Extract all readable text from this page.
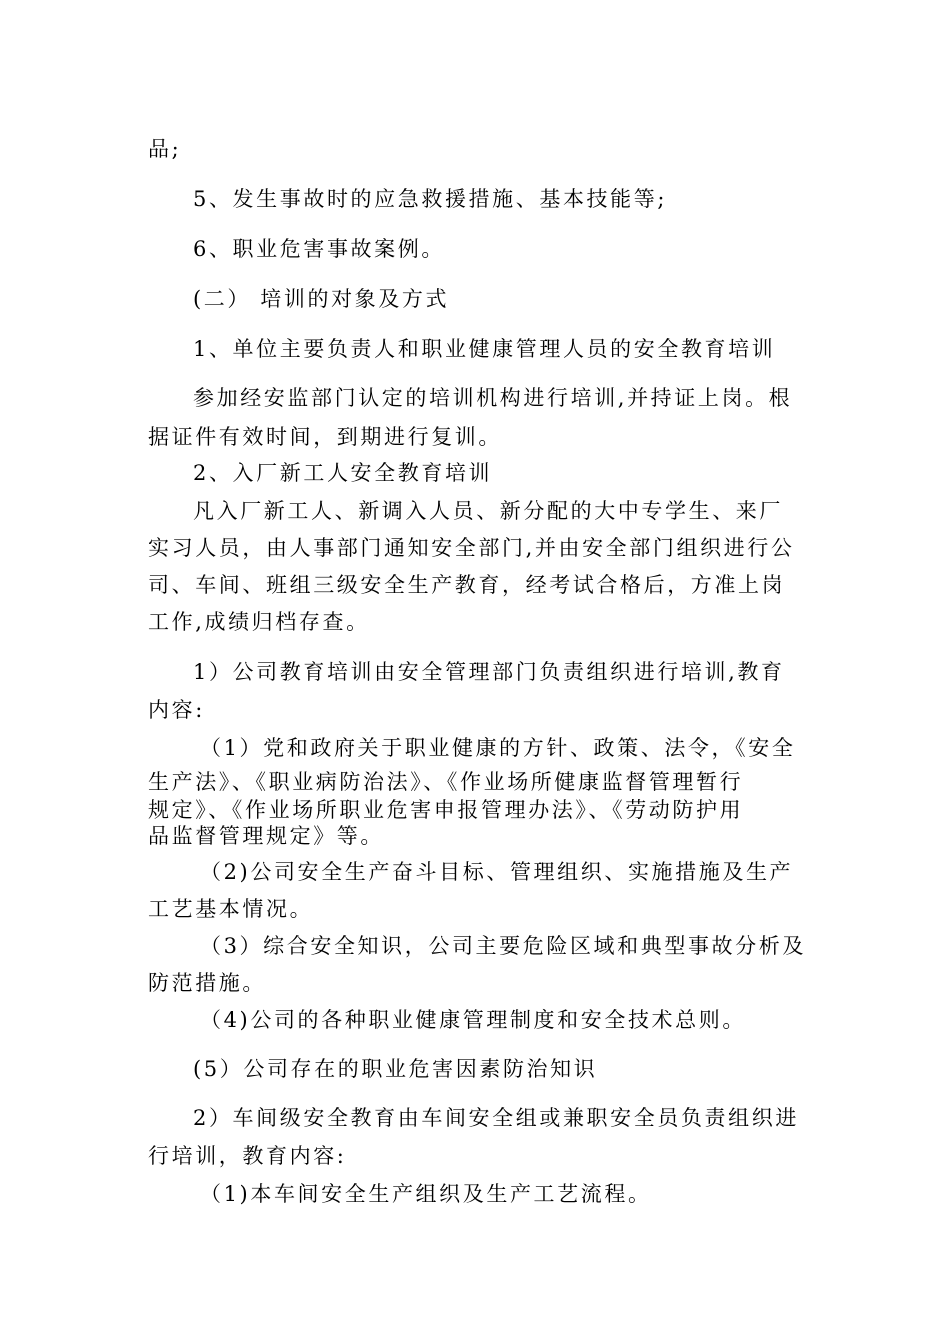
品;
5、发生事故时的应急救援措施、基本技能等;
6、职业危害事故案例。
(二） 培训的对象及方式
1、单位主要负责人和职业健康管理人员的安全教育培训
参加经安监部门认定的培训机构进行培训,并持证上岗。根
据证件有效时间，到期进行复训。
2、入厂新工人安全教育培训
凡入厂新工人、新调入人员、新分配的大中专学生、来厂
实习人员，由人事部门通知安全部门,并由安全部门组织进行公
司、车间、班组三级安全生产教育，经考试合格后，方准上岗
工作,成绩归档存查。
1）公司教育培训由安全管理部门负责组织进行培训,教育
内容:
（1）党和政府关于职业健康的方针、政策、法令，《安全
生产法》、《职业病防治法》、《作业场所健康监督管理暂行
规定》、《作业场所职业危害申报管理办法》、《劳动防护用
品监督管理规定》等。
（2)公司安全生产奋斗目标、管理组织、实施措施及生产
工艺基本情况。
（3）综合安全知识，公司主要危险区域和典型事故分析及
防范措施。
（4)公司的各种职业健康管理制度和安全技术总则。
(5）公司存在的职业危害因素防治知识
2）车间级安全教育由车间安全组或兼职安全员负责组织进
行培训，教育内容:
（1)本车间安全生产组织及生产工艺流程。
